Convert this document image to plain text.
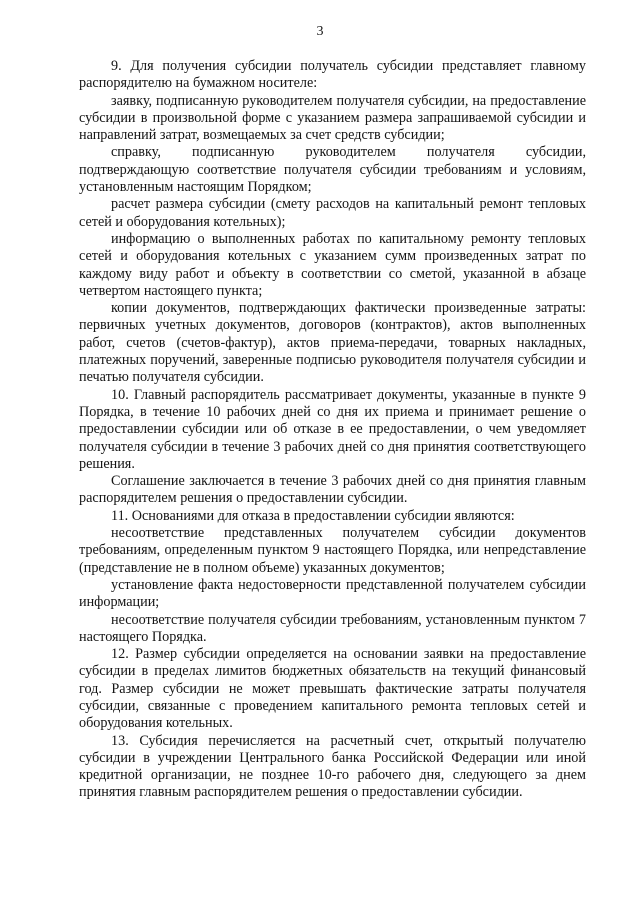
3

9. Для получения субсидии получатель субсидии представляет главному распорядителю на бумажном носителе:

заявку, подписанную руководителем получателя субсидии, на предоставление субсидии в произвольной форме с указанием размера запрашиваемой субсидии и направлений затрат, возмещаемых за счет средств субсидии;

справку, подписанную руководителем получателя субсидии, подтверждающую соответствие получателя субсидии требованиям и условиям, установленным настоящим Порядком;

расчет размера субсидии (смету расходов на капитальный ремонт тепловых сетей и оборудования котельных);

информацию о выполненных работах по капитальному ремонту тепловых сетей и оборудования котельных с указанием сумм произведенных затрат по каждому виду работ и объекту в соответствии со сметой, указанной в абзаце четвертом настоящего пункта;

копии документов, подтверждающих фактически произведенные затраты: первичных учетных документов, договоров (контрактов), актов выполненных работ, счетов (счетов-фактур), актов приема-передачи, товарных накладных, платежных поручений, заверенные подписью руководителя получателя субсидии и печатью получателя субсидии.

10. Главный распорядитель рассматривает документы, указанные в пункте 9 Порядка, в течение 10 рабочих дней со дня их приема и принимает решение о предоставлении субсидии или об отказе в ее предоставлении, о чем уведомляет получателя субсидии в течение 3 рабочих дней со дня принятия соответствующего решения.

Соглашение заключается в течение 3 рабочих дней со дня принятия главным распорядителем решения о предоставлении субсидии.

11. Основаниями для отказа в предоставлении субсидии являются:

несоответствие представленных получателем субсидии документов требованиям, определенным пунктом 9 настоящего Порядка, или непредставление (представление не в полном объеме) указанных документов;

установление факта недостоверности представленной получателем субсидии информации;

несоответствие получателя субсидии требованиям, установленным пунктом 7 настоящего Порядка.

12. Размер субсидии определяется на основании заявки на предоставление субсидии в пределах лимитов бюджетных обязательств на текущий финансовый год. Размер субсидии не может превышать фактические затраты получателя субсидии, связанные с проведением капитального ремонта тепловых сетей и оборудования котельных.

13. Субсидия перечисляется на расчетный счет, открытый получателю субсидии в учреждении Центрального банка Российской Федерации или иной кредитной организации, не позднее 10-го рабочего дня, следующего за днем принятия главным распорядителем решения о предоставлении субсидии.
